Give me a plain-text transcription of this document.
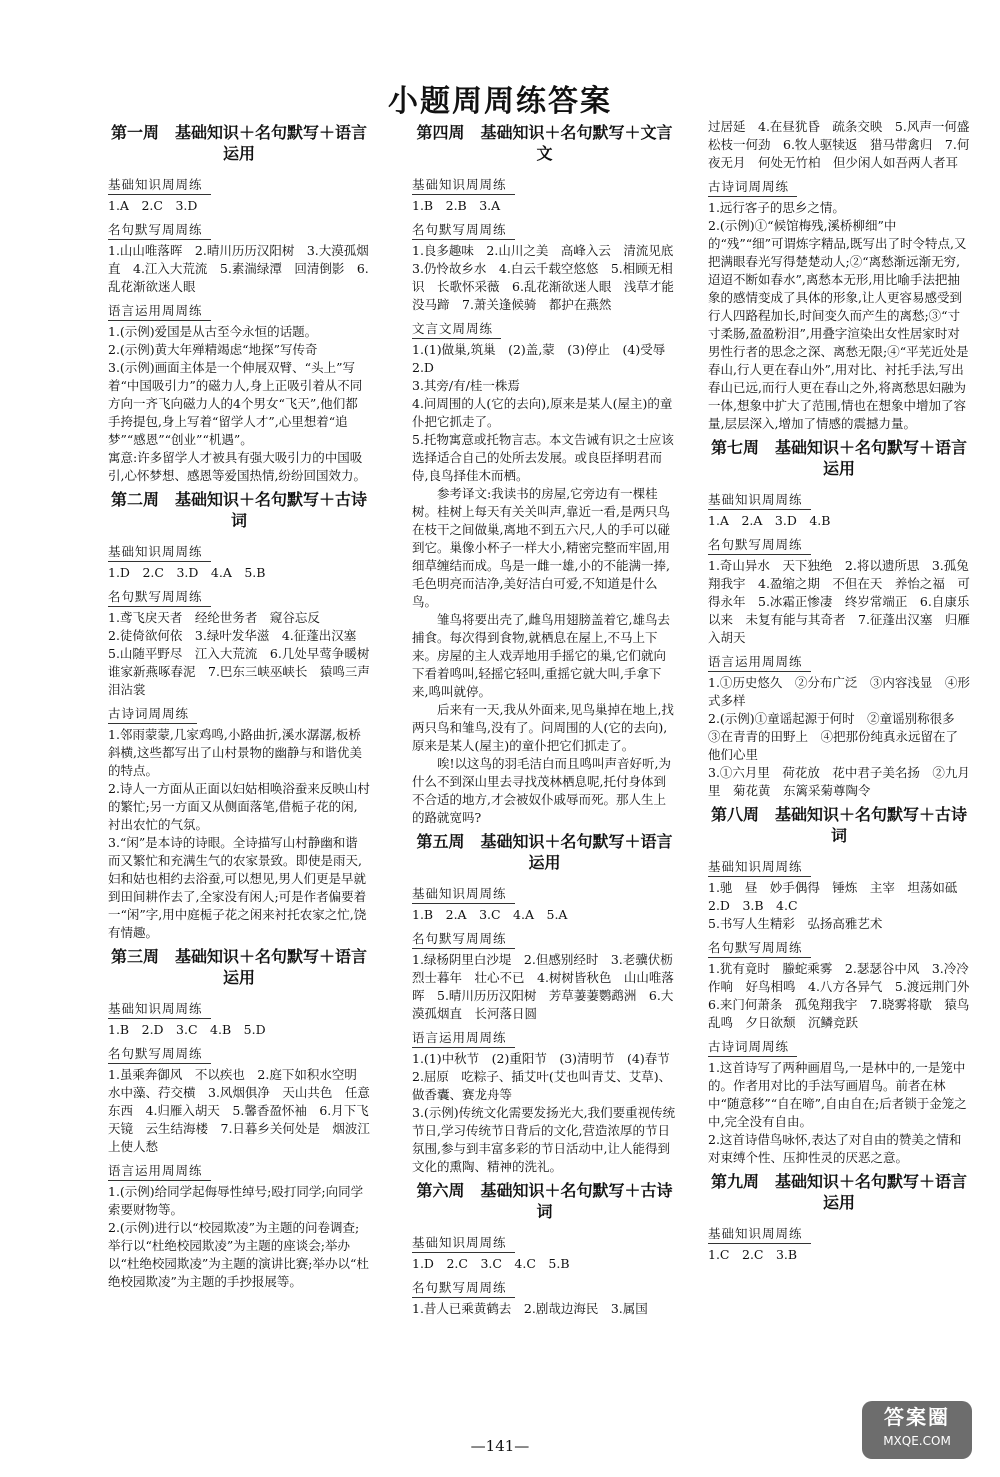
小题周周练答案
第一周　基础知识＋名句默写＋语言运用
基础知识周周练
1.A　2.C　3.D
名句默写周周练
1.山山唯落晖　2.晴川历历汉阳树　3.大漠孤烟直　4.江入大荒流　5.素湍绿潭　回清倒影　6.乱花渐欲迷人眼
语言运用周周练
1.(示例)爱国是从古至今永恒的话题。
2.(示例)黄大年殚精竭虑“地探”写传奇
3.(示例)画面主体是一个伸展双臂、“头上”写着“中国吸引力”的磁力人,身上正吸引着从不同方向一齐飞向磁力人的4个男女“飞天”,他们都手挎提包,身上写着“留学人才”,心里想着“追梦”“感恩”“创业”“机遇”。
寓意:许多留学人才被具有强大吸引力的中国吸引,心怀梦想、感恩等爱国热情,纷纷回国效力。
第二周　基础知识＋名句默写＋古诗词
基础知识周周练
1.D　2.C　3.D　4.A　5.B
名句默写周周练
1.鸢飞戾天者　经纶世务者　窥谷忘反
2.徒倚欲何依　3.绿叶发华滋　4.征蓬出汉塞　5.山随平野尽　江入大荒流　6.几处早莺争暖树　谁家新燕啄春泥　7.巴东三峡巫峡长　猿鸣三声泪沾裳
古诗词周周练
1.邻雨蒙蒙,几家鸡鸣,小路曲折,溪水潺潺,板桥斜横,这些都写出了山村景物的幽静与和谐优美的特点。
2.诗人一方面从正面以妇姑相唤浴蚕来反映山村的繁忙;另一方面又从侧面落笔,借栀子花的闲,衬出农忙的气氛。
3.“闲”是本诗的诗眼。全诗描写山村静幽和谐而又繁忙和充满生气的农家景致。即使是雨天,妇和姑也相约去浴蚕,可以想见,男人们更是早就到田间耕作去了,全家没有闲人;可是作者偏要着一“闲”字,用中庭栀子花之闲来衬托农家之忙,饶有情趣。
第三周　基础知识＋名句默写＋语言运用
基础知识周周练
1.B　2.D　3.C　4.B　5.D
名句默写周周练
1.虽乘奔御风　不以疾也　2.庭下如积水空明　水中藻、荇交横　3.风烟俱净　天山共色　任意东西　4.归雁入胡天　5.馨香盈怀袖　6.月下飞天镜　云生结海楼　7.日暮乡关何处是　烟波江上使人愁
语言运用周周练
1.(示例)给同学起侮辱性绰号;殴打同学;向同学索要财物等。
2.(示例)进行以“校园欺凌”为主题的问卷调查;举行以“杜绝校园欺凌”为主题的座谈会;举办以“杜绝校园欺凌”为主题的演讲比赛;举办以“杜绝校园欺凌”为主题的手抄报展等。
第四周　基础知识＋名句默写＋文言文
基础知识周周练
1.B　2.B　3.A
名句默写周周练
1.良多趣味　2.山川之美　高峰入云　清流见底　3.仍怜故乡水　4.白云千载空悠悠　5.相顾无相识　长歌怀采薇　6.乱花渐欲迷人眼　浅草才能没马蹄　7.萧关逢候骑　都护在燕然
文言文周周练
1.(1)做巢,筑巢　(2)盖,蒙　(3)停止　(4)受辱
2.D
3.其旁/有/桂一株焉
4.问周围的人(它的去向),原来是某人(屋主)的童仆把它抓走了。
5.托物寓意或托物言志。本文告诫有识之士应该选择适合自己的处所去发展。或良臣择明君而侍,良鸟择佳木而栖。
参考译文:我读书的房屋,它旁边有一棵桂树。桂树上每天有关关叫声,靠近一看,是两只鸟在枝干之间做巢,离地不到五六尺,人的手可以碰到它。巢像小杯子一样大小,精密完整而牢固,用细草缠结而成。鸟是一雌一雄,小的不能满一捧,毛色明亮而洁净,美好洁白可爱,不知道是什么鸟。
雏鸟将要出壳了,雌鸟用翅膀盖着它,雄鸟去捕食。每次得到食物,就栖息在屋上,不马上下来。房屋的主人戏弄地用手摇它的巢,它们就向下看着鸣叫,轻摇它轻叫,重摇它就大叫,手拿下来,鸣叫就停。
后来有一天,我从外面来,见鸟巢掉在地上,找两只鸟和雏鸟,没有了。问周围的人(它的去向),原来是某人(屋主)的童仆把它们抓走了。
唉!以这鸟的羽毛洁白而且鸣叫声音好听,为什么不到深山里去寻找茂林栖息呢,托付身体到不合适的地方,才会被奴仆戚辱而死。那人生上的路就宽吗?
第五周　基础知识＋名句默写＋语言运用
基础知识周周练
1.B　2.A　3.C　4.A　5.A
名句默写周周练
1.绿杨阴里白沙堤　2.但感别经时　3.老骥伏枥　烈士暮年　壮心不已　4.树树皆秋色　山山唯落晖　5.晴川历历汉阳树　芳草萋萋鹦鹉洲　6.大漠孤烟直　长河落日圆
语言运用周周练
1.(1)中秋节　(2)重阳节　(3)清明节　(4)春节
2.屈原　吃粽子、插艾叶(艾也叫青艾、艾草)、做香囊、赛龙舟等
3.(示例)传统文化需要发扬光大,我们要重视传统节日,学习传统节日背后的文化,营造浓厚的节日氛围,参与到丰富多彩的节日活动中,让人能得到文化的熏陶、精神的洗礼。
第六周　基础知识＋名句默写＋古诗词
基础知识周周练
1.D　2.C　3.C　4.C　5.B
名句默写周周练
1.昔人已乘黄鹤去　2.剧哉边海民　3.属国
过居延　4.在昼犹昏　疏条交映　5.风声一何盛　松枝一何劲　6.牧人驱犊返　猎马带禽归　7.何夜无月　何处无竹柏　但少闲人如吾两人者耳
古诗词周周练
1.远行客子的思乡之情。
2.(示例)①“候馆梅残,溪桥柳细”中的“残”“细”可谓炼字精品,既写出了时令特点,又把满眼春光写得楚楚动人;②“离愁渐远渐无穷,迢迢不断如春水”,离愁本无形,用比喻手法把抽象的感情变成了具体的形象,让人更容易感受到行人四路程加长,时间变久而产生的离愁;③“寸寸柔肠,盈盈粉泪”,用叠字渲染出女性居家时对男性行者的思念之深、离愁无限;④“平芜近处是春山,行人更在春山外”,用对比、衬托手法,写出春山已远,而行人更在春山之外,将离愁思妇融为一体,想象中扩大了范围,情也在想象中增加了容量,层层深入,增加了情感的震撼力量。
第七周　基础知识＋名句默写＋语言运用
基础知识周周练
1.A　2.A　3.D　4.B
名句默写周周练
1.奇山异水　天下独绝　2.将以遗所思　3.孤兔翔我宇　4.盈缩之期　不但在天　养怡之福　可得永年　5.冰霜正惨凄　终岁常端正　6.自康乐以来　未复有能与其奇者　7.征蓬出汉塞　归雁入胡天
语言运用周周练
1.①历史悠久　②分布广泛　③内容浅显　④形式多样
2.(示例)①童谣起源于何时　②童谣别称很多　③在青青的田野上　④把那份纯真永远留在了他们心里
3.①六月里　荷花放　花中君子美名扬　②九月里　菊花黄　东篱采菊尊陶令
第八周　基础知识＋名句默写＋古诗词
基础知识周周练
1.驰　昼　妙手偶得　锤炼　主宰　坦荡如砥
2.D　3.B　4.C
5.书写人生精彩　弘扬高雅艺术
名句默写周周练
1.犹有竟时　螣蛇乘雾　2.瑟瑟谷中风　3.冷冷作响　好鸟相鸣　4.八方各异气　5.渡远荆门外　6.来门何萧条　孤兔翔我宇　7.晓雾将歇　猿鸟乱鸣　夕日欲颓　沉鳞竞跃
古诗词周周练
1.这首诗写了两种画眉鸟,一是林中的,一是笼中的。作者用对比的手法写画眉鸟。前者在林中“随意移”“自在啼”,自由自在;后者锁于金笼之中,完全没有自由。
2.这首诗借鸟咏怀,表达了对自由的赞美之情和对束缚个性、压抑性灵的厌恶之意。
第九周　基础知识＋名句默写＋语言运用
基础知识周周练
1.C　2.C　3.B
—141—
答案圈
MXQE.COM
